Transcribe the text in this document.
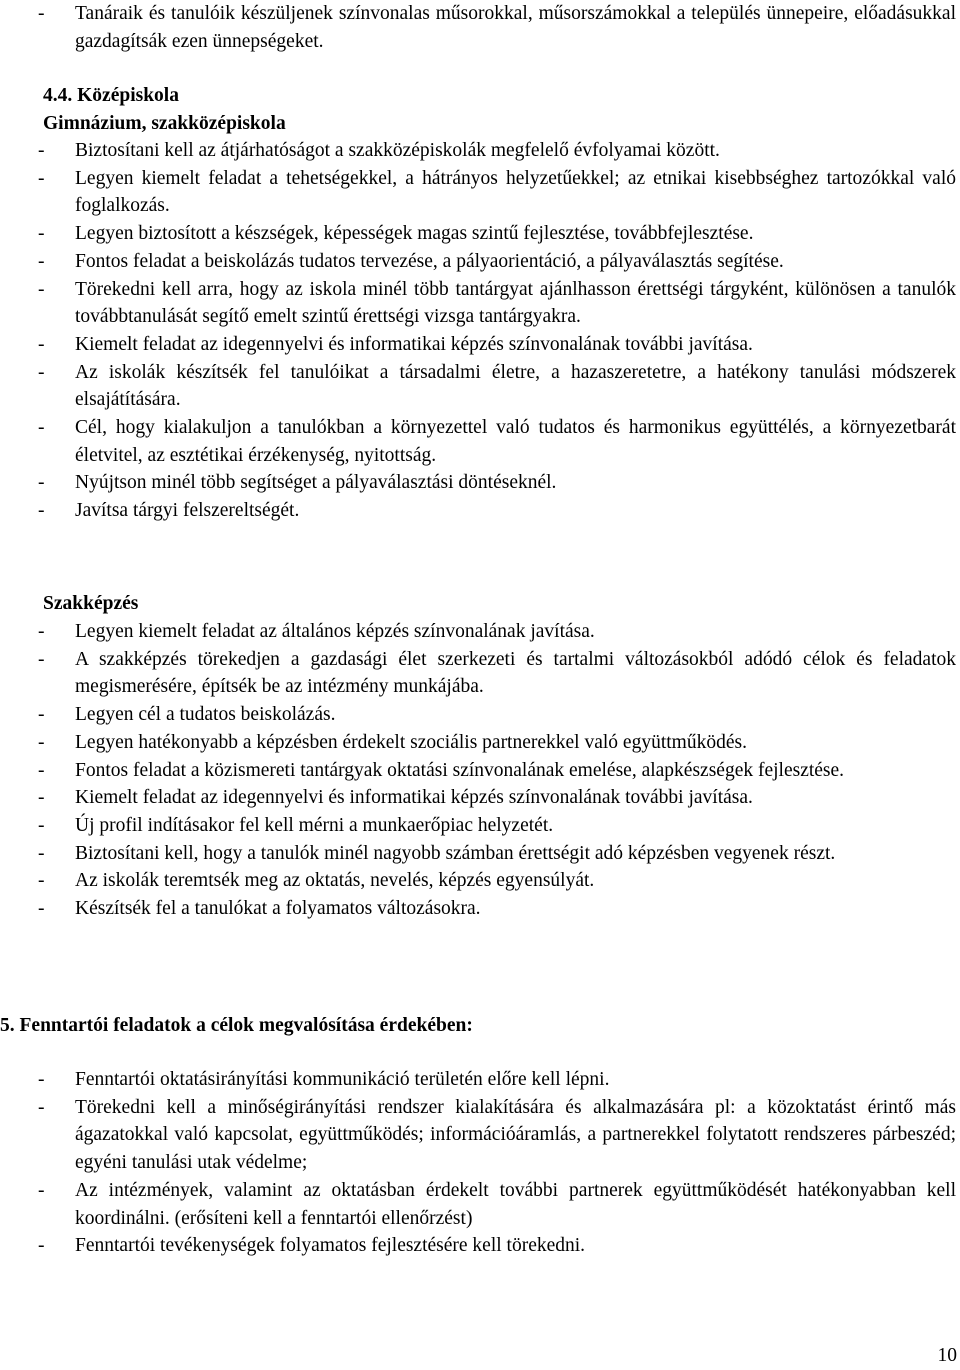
- Tanáraik és tanulóik készüljenek színvonalas műsorokkal, műsorszámokkal a település ünnepeire, előadásukkal gazdagítsák ezen ünnepségeket.

4.4. Középiskola

Gimnázium, szakközépiskola

- Biztosítani kell az átjárhatóságot a szakközépiskolák megfelelő évfolyamai között.
- Legyen kiemelt feladat a tehetségekkel, a hátrányos helyzetűekkel; az etnikai kisebbséghez tartozókkal való foglalkozás.
- Legyen biztosított a készségek, képességek magas szintű fejlesztése, továbbfejlesztése.
- Fontos feladat a beiskolázás tudatos tervezése, a pályaorientáció, a pályaválasztás segítése.
- Törekedni kell arra, hogy az iskola minél több tantárgyat ajánlhasson érettségi tárgyként, különösen a tanulók továbbtanulását segítő emelt szintű érettségi vizsga tantárgyakra.
- Kiemelt feladat az idegennyelvi és informatikai képzés színvonalának további javítása.
- Az iskolák készítsék fel tanulóikat a társadalmi életre, a hazaszeretetre, a hatékony tanulási módszerek elsajátítására.
- Cél, hogy kialakuljon a tanulókban a környezettel való tudatos és harmonikus együttélés, a környezetbarát életvitel, az esztétikai érzékenység, nyitottság.
- Nyújtson minél több segítséget a pályaválasztási döntéseknél.
- Javítsa tárgyi felszereltségét.

Szakképzés

- Legyen kiemelt feladat az általános képzés színvonalának javítása.
- A szakképzés törekedjen a gazdasági élet szerkezeti és tartalmi változásokból adódó célok és feladatok megismerésére, építsék be az intézmény munkájába.
- Legyen cél a tudatos beiskolázás.
- Legyen hatékonyabb a képzésben érdekelt szociális partnerekkel való együttműködés.
- Fontos feladat a közismereti tantárgyak oktatási színvonalának emelése, alapkészségek fejlesztése.
- Kiemelt feladat az idegennyelvi és informatikai képzés színvonalának további javítása.
- Új profil indításakor fel kell mérni a munkaerőpiac helyzetét.
- Biztosítani kell, hogy a tanulók minél nagyobb számban érettségit adó képzésben vegyenek részt.
- Az iskolák teremtsék meg az oktatás, nevelés, képzés egyensúlyát.
- Készítsék fel a tanulókat a folyamatos változásokra.

5. Fenntartói feladatok a célok megvalósítása érdekében:

- Fenntartói oktatásirányítási kommunikáció területén előre kell lépni.
- Törekedni kell a minőségirányítási rendszer kialakítására és alkalmazására pl: a közoktatást érintő más ágazatokkal való kapcsolat, együttműködés; információáramlás, a partnerekkel folytatott rendszeres párbeszéd; egyéni tanulási utak védelme;
- Az intézmények, valamint az oktatásban érdekelt további partnerek együttműködését hatékonyabban kell koordinálni. (erősíteni kell a fenntartói ellenőrzést)
- Fenntartói tevékenységek folyamatos fejlesztésére kell törekedni.

10
